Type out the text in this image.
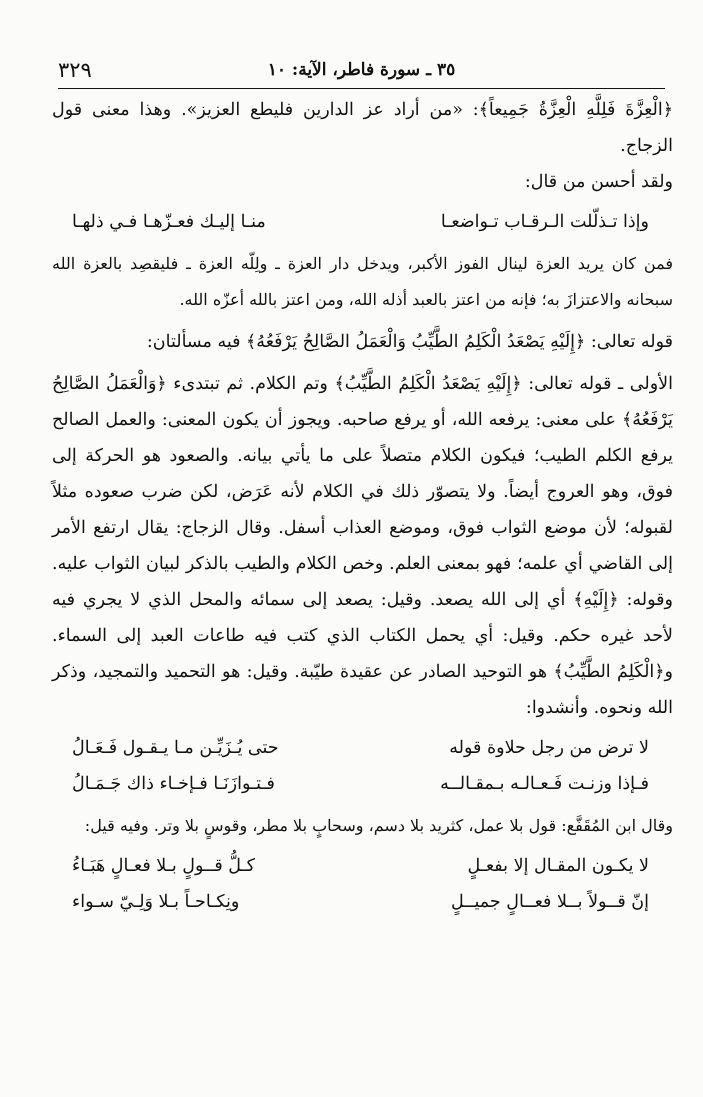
٣٢٩	٣٥ ـ سورة فاطر، الآية: ١٠

﴿الْعِزَّةَ فَلِلَّهِ الْعِزَّةُ جَمِيعاً﴾: «من أراد عز الدارين فليطع العزيز». وهذا معنى قول الزجاج.

ولقد أحسن من قال:

وإذا تـذلّلت الـرقـاب تـواضعـا
منـا إليـك فعـزّهـا فـي ذلهـا

فمن كان يريد العزة لينال الفوز الأكبر، ويدخل دار العزة ـ ولِلّه العزة ـ فليقصِد بالعزة الله سبحانه والاعتزازَ به؛ فإنه من اعتز بالعبد أذله الله، ومن اعتز بالله أعزّه الله.

قوله تعالى: ﴿إِلَيْهِ يَصْعَدُ الْكَلِمُ الطَّيِّبُ وَالْعَمَلُ الصَّالِحُ يَرْفَعُهُ﴾ فيه مسألتان:

الأولى ـ قوله تعالى: ﴿إِلَيْهِ يَصْعَدُ الْكَلِمُ الطَّيِّبُ﴾ وتم الكلام. ثم تبتدىء ﴿وَالْعَمَلُ الصَّالِحُ يَرْفَعُهُ﴾ على معنى: يرفعه الله، أو يرفع صاحبه. ويجوز أن يكون المعنى: والعمل الصالح يرفع الكلم الطيب؛ فيكون الكلام متصلاً على ما يأتي بيانه. والصعود هو الحركة إلى فوق، وهو العروج أيضاً. ولا يتصوّر ذلك في الكلام لأنه عَرَض، لكن ضرب صعوده مثلاً لقبوله؛ لأن موضع الثواب فوق، وموضع العذاب أسفل. وقال الزجاج: يقال ارتفع الأمر إلى القاضي أي علمه؛ فهو بمعنى العلم. وخص الكلام والطيب بالذكر لبيان الثواب عليه. وقوله: ﴿إِلَيْهِ﴾ أي إلى الله يصعد. وقيل: يصعد إلى سمائه والمحل الذي لا يجري فيه لأحد غيره حكم. وقيل: أي يحمل الكتاب الذي كتب فيه طاعات العبد إلى السماء. و﴿الْكَلِمُ الطَّيِّبُ﴾ هو التوحيد الصادر عن عقيدة طيّبة. وقيل: هو التحميد والتمجيد، وذكر الله ونحوه. وأنشدوا:

لا ترض من رجل حلاوة قوله
حتى يُـزَيِّـن مـا يـقـول فَـعَـالُ
فـإذا وزنـت فَـعـالـه بـمقـالــه
فـتـوازَنَـا فـإخـاء ذاك جَـمَـالُ

وقال ابن المُقَفَّع: قول بلا عمل، كثريد بلا دسم، وسحابٍ بلا مطر، وقوسٍ بلا وتر. وفيه قيل:

لا يكـون المقـال إلا بفعـلٍ
كـلُّ قــولٍ بـلا فعـالٍ هَبَـاءُ
إنّ قــولاً بــلا فعــالٍ جميــلٍ
ونِكـاحـاً بـلا وَلِـيّ سـواء
